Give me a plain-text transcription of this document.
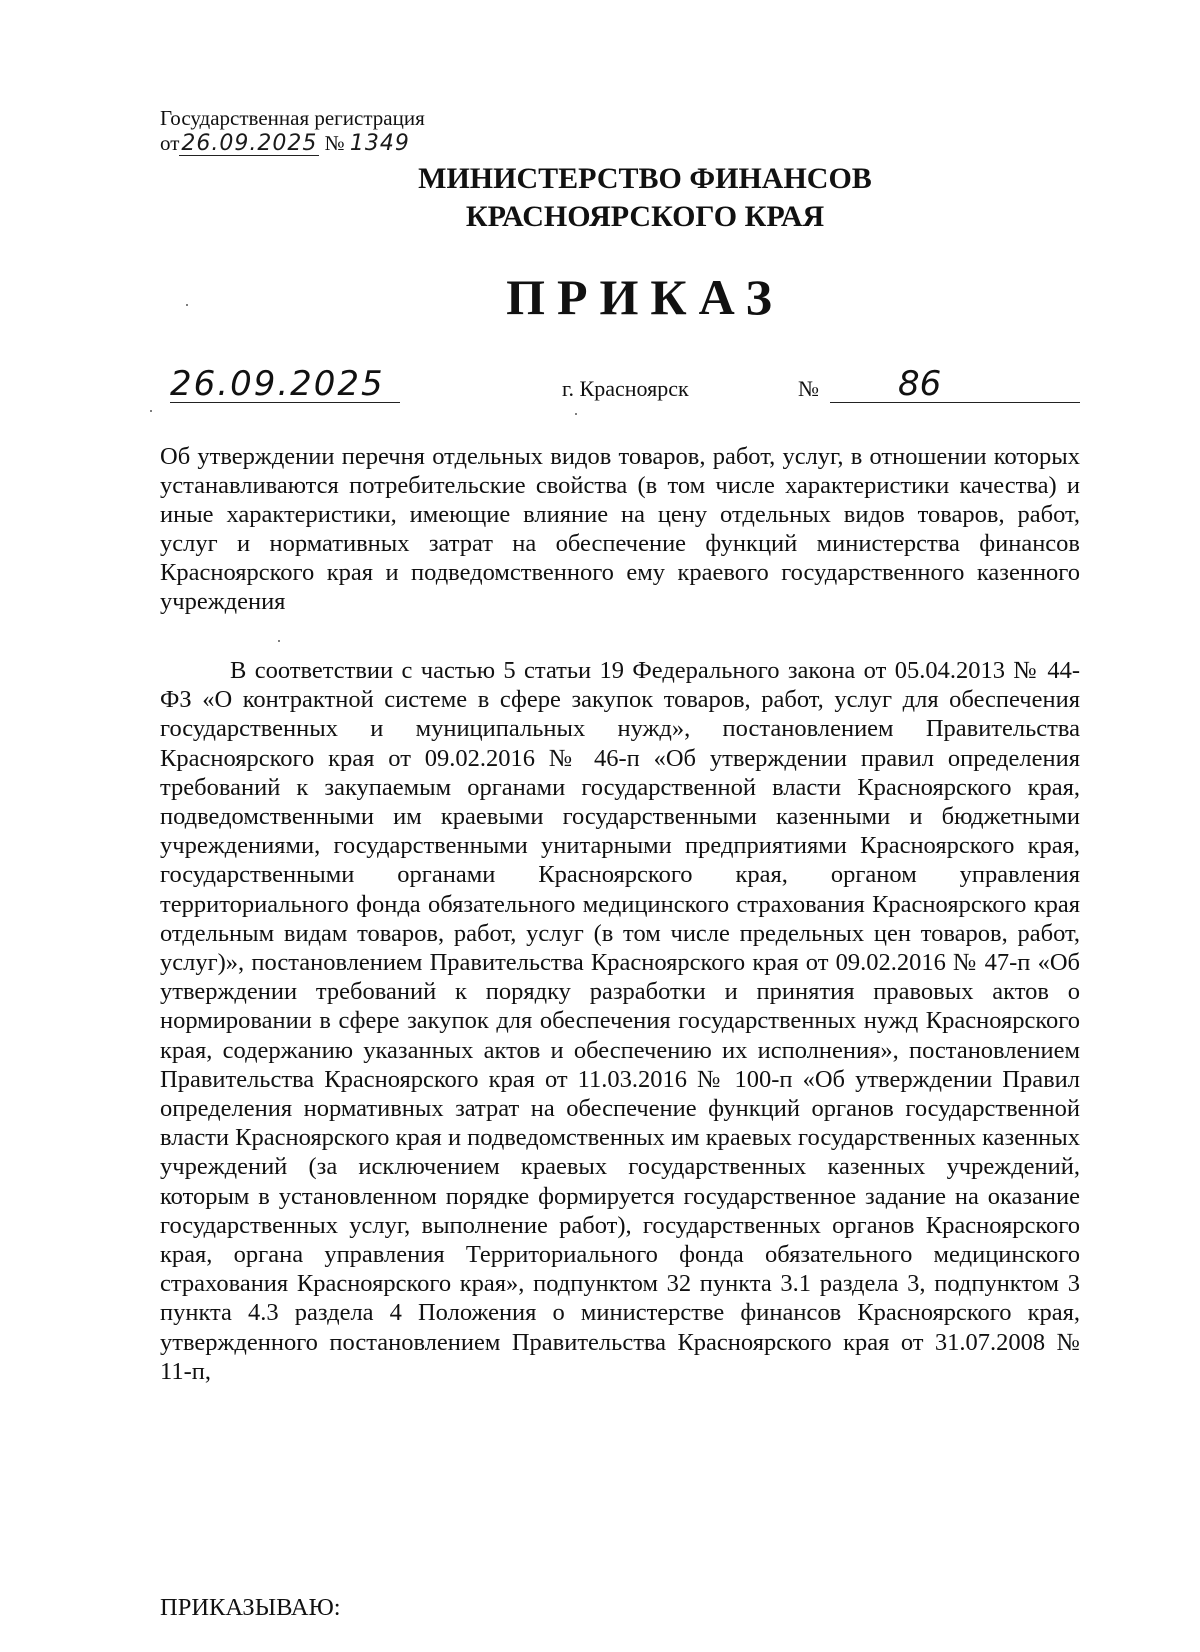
Государственная регистрация
от26.09.2025 № 1349
МИНИСТЕРСТВО ФИНАНСОВ
КРАСНОЯРСКОГО КРАЯ
ПРИКАЗ
26.09.2025	г. Красноярск	№ 86

Об утверждении перечня отдельных видов товаров, работ, услуг, в отношении которых устанавливаются потребительские свойства (в том числе характеристики качества) и иные характеристики, имеющие влияние на цену отдельных видов товаров, работ, услуг и нормативных затрат на обеспечение функций министерства финансов Красноярского края и подведомственного ему краевого государственного казенного учреждения

В соответствии с частью 5 статьи 19 Федерального закона от 05.04.2013 № 44-ФЗ «О контрактной системе в сфере закупок товаров, работ, услуг для обеспечения государственных и муниципальных нужд», постановлением Правительства Красноярского края от 09.02.2016 № 46-п «Об утверждении правил определения требований к закупаемым органами государственной власти Красноярского края, подведомственными им краевыми государственными казенными и бюджетными учреждениями, государственными унитарными предприятиями Красноярского края, государственными органами Красноярского края, органом управления территориального фонда обязательного медицинского страхования Красноярского края отдельным видам товаров, работ, услуг (в том числе предельных цен товаров, работ, услуг)», постановлением Правительства Красноярского края от 09.02.2016 № 47-п «Об утверждении требований к порядку разработки и принятия правовых актов о нормировании в сфере закупок для обеспечения государственных нужд Красноярского края, содержанию указанных актов и обеспечению их исполнения», постановлением Правительства Красноярского края от 11.03.2016 № 100-п «Об утверждении Правил определения нормативных затрат на обеспечение функций органов государственной власти Красноярского края и подведомственных им краевых государственных казенных учреждений (за исключением краевых государственных казенных учреждений, которым в установленном порядке формируется государственное задание на оказание государственных услуг, выполнение работ), государственных органов Красноярского края, органа управления Территориального фонда обязательного медицинского страхования Красноярского края», подпунктом 32 пункта 3.1 раздела 3, подпунктом 3 пункта 4.3 раздела 4 Положения о министерстве финансов Красноярского края, утвержденного постановлением Правительства Красноярского края от 31.07.2008 № 11-п,

ПРИКАЗЫВАЮ:
